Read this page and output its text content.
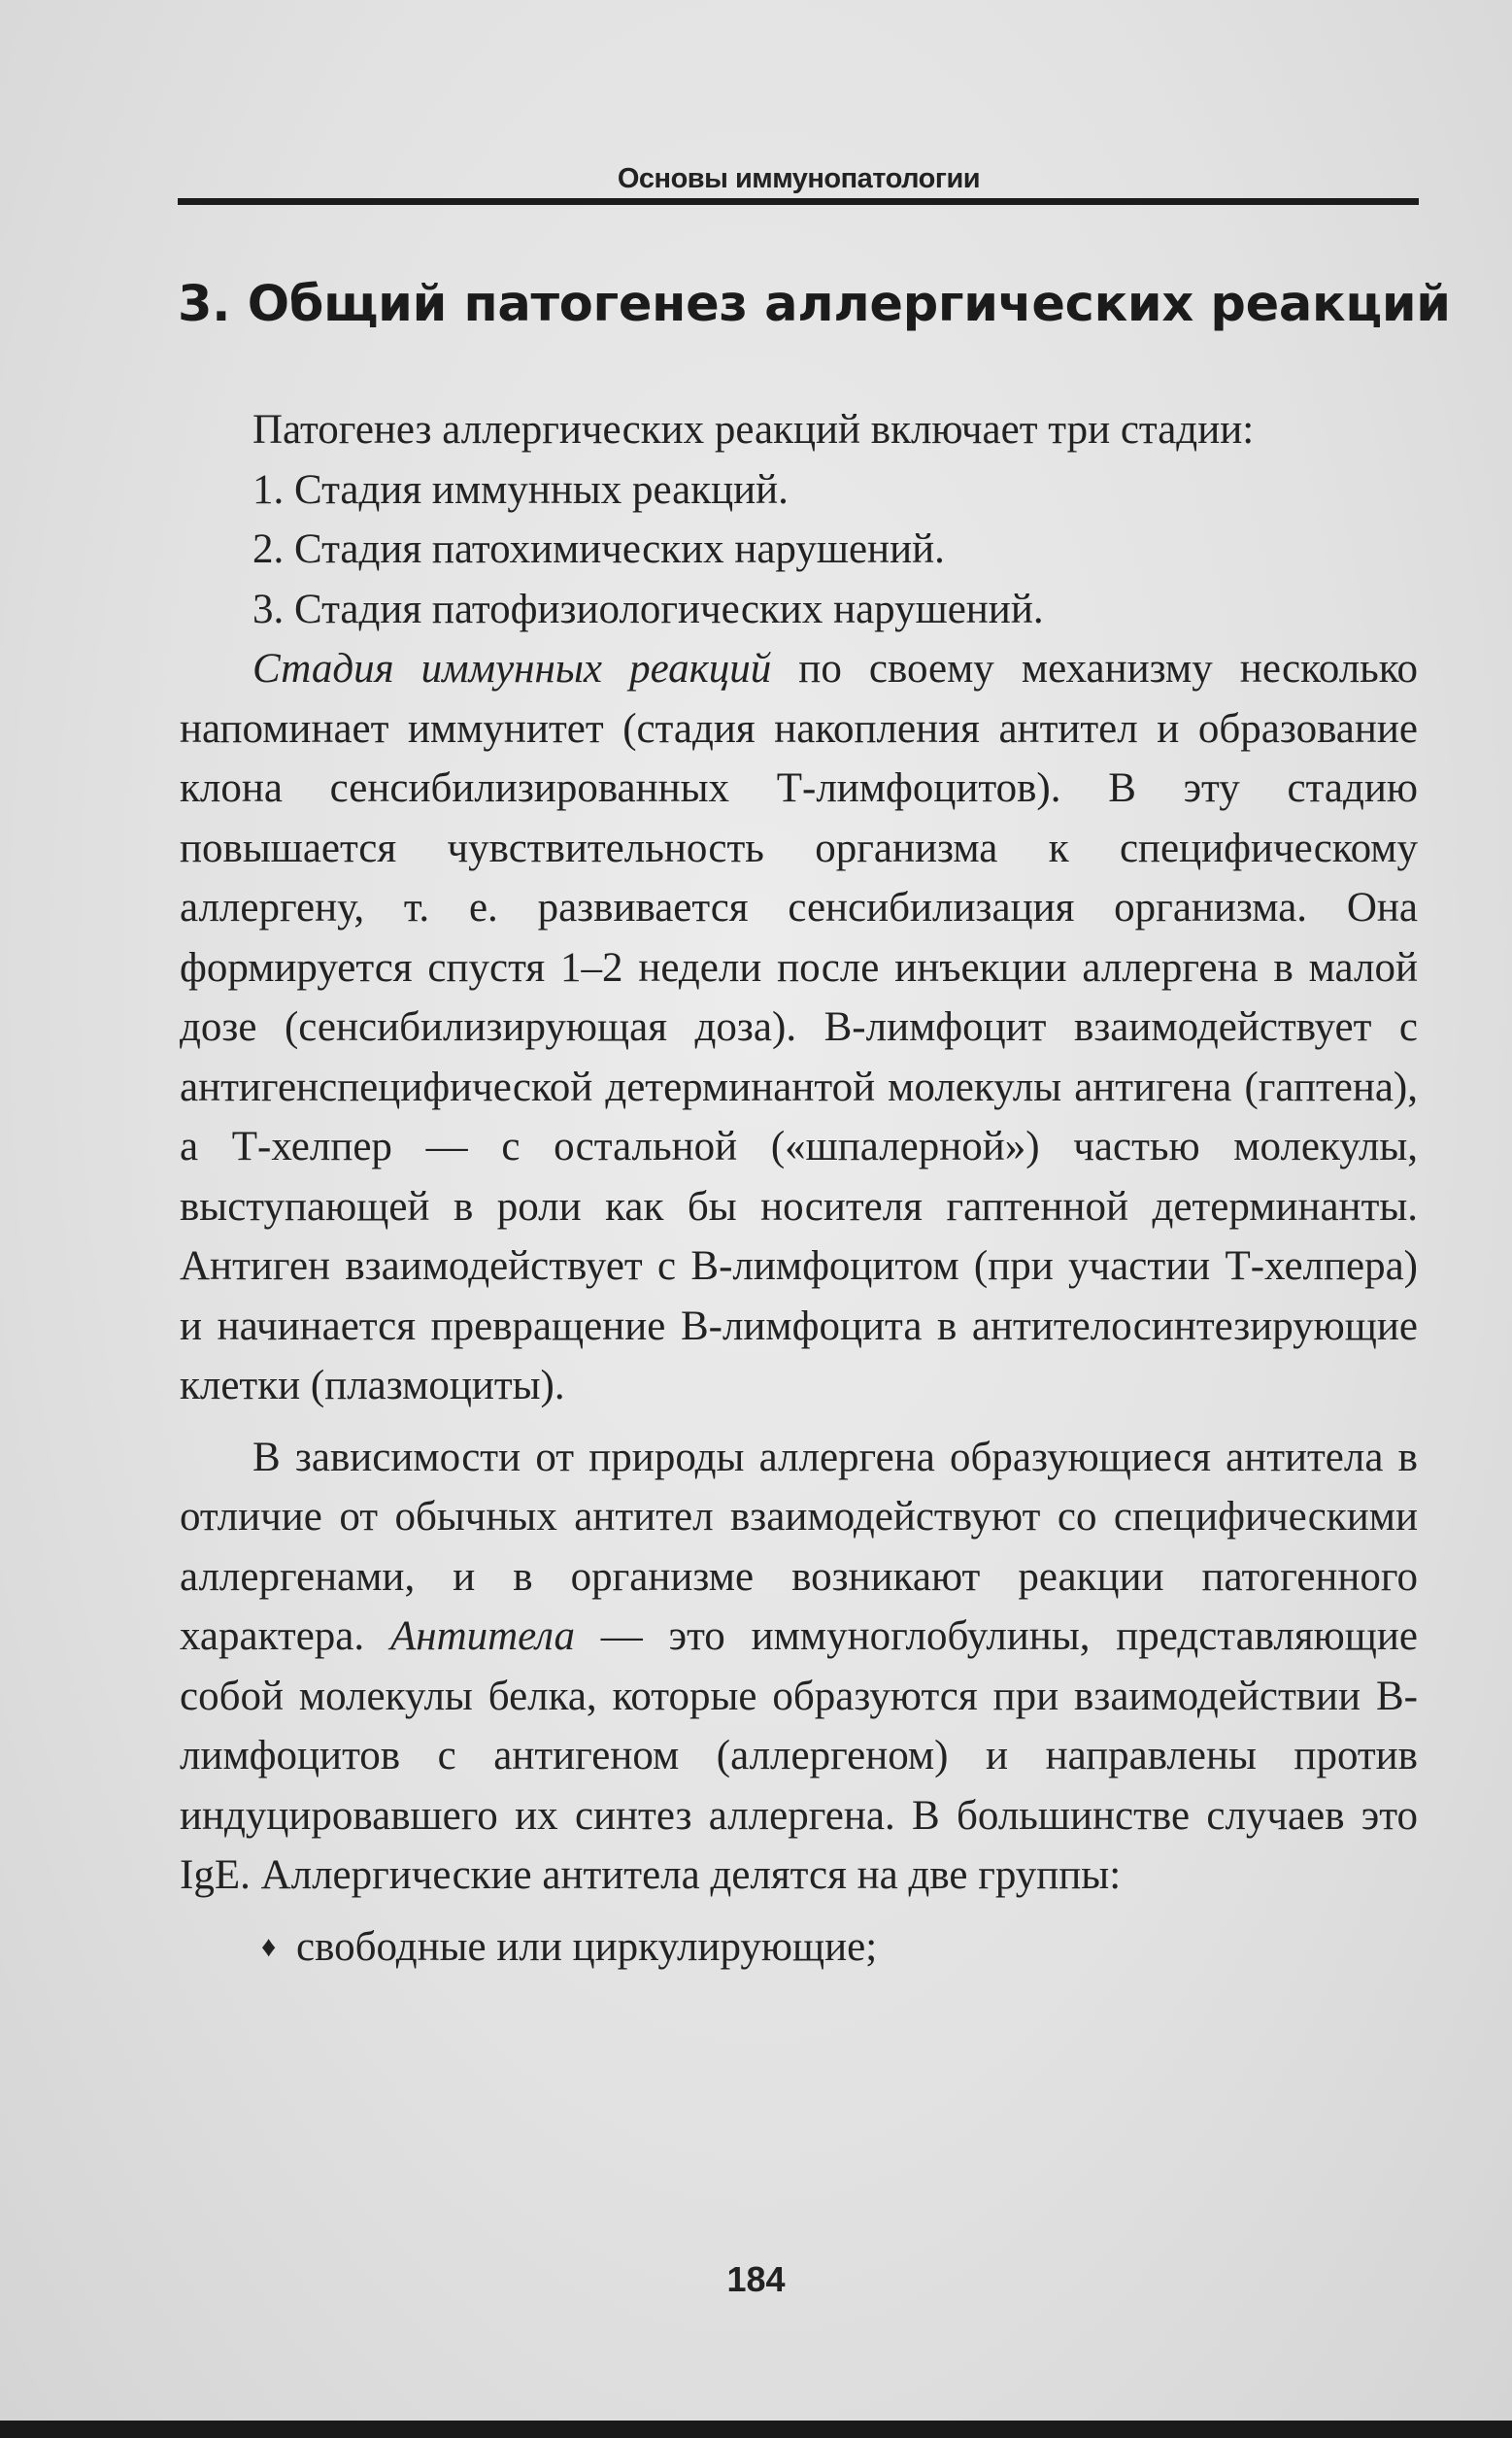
Основы иммунопатологии
3. Общий патогенез аллергических реакций

Патогенез аллергических реакций включает три стадии:

1. Стадия иммунных реакций.

2. Стадия патохимических нарушений.

3. Стадия патофизиологических нарушений.

Стадия иммунных реакций по своему механизму несколько напоминает иммунитет (стадия накопления антител и образование клона сенсибилизированных Т-лимфоцитов). В эту стадию повышается чувствительность организма к специфическому аллергену, т. е. развивается сенсибилизация организма. Она формируется спустя 1–2 недели после инъекции аллергена в малой дозе (сенсибилизирующая доза). В-лимфоцит взаимодействует с антигенспецифической детерминантой молекулы антигена (гаптена), а Т-хелпер — с остальной («шпалерной») частью молекулы, выступающей в роли как бы носителя гаптенной детерминанты. Антиген взаимодействует с В-лимфоцитом (при участии Т-хелпера) и начинается превращение В-лимфоцита в антителосинтезирующие клетки (плазмоциты).

В зависимости от природы аллергена образующиеся антитела в отличие от обычных антител взаимодействуют со специфическими аллергенами, и в организме возникают реакции патогенного характера. Антитела — это иммуноглобулины, представляющие собой молекулы белка, которые образуются при взаимодействии В-лимфоцитов с антигеном (аллергеном) и направлены против индуцировавшего их синтез аллергена. В большинстве случаев это IgE. Аллергические антитела делятся на две группы:

♦ свободные или циркулирующие;

184
